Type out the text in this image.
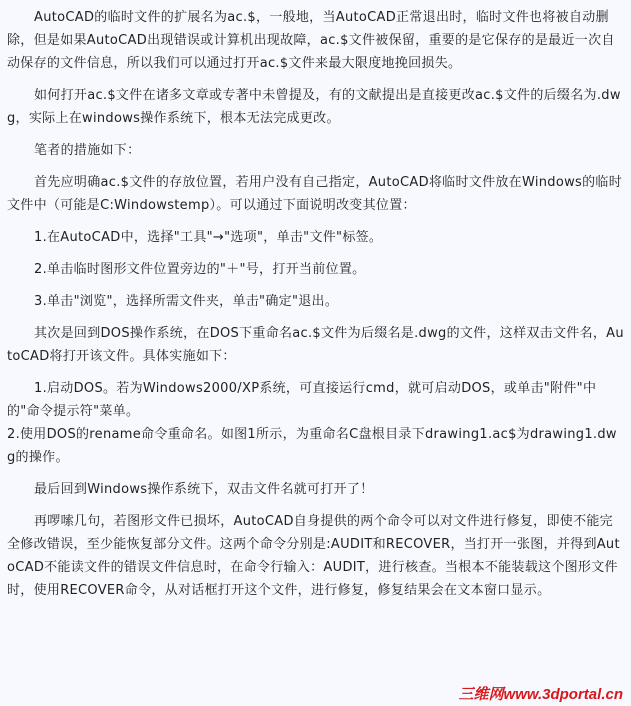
AutoCAD的临时文件的扩展名为ac.$，一般地，当AutoCAD正常退出时，临时文件也将被自动删除，但是如果AutoCAD出现错误或计算机出现故障，ac.$文件被保留，重要的是它保存的是最近一次自动保存的文件信息，所以我们可以通过打开ac.$文件来最大限度地挽回损失。

如何打开ac.$文件在诸多文章或专著中未曾提及，有的文献提出是直接更改ac.$文件的后缀名为.dwg，实际上在windows操作系统下，根本无法完成更改。

笔者的措施如下：

首先应明确ac.$文件的存放位置，若用户没有自己指定，AutoCAD将临时文件放在Windows的临时文件中（可能是C:Windowstemp）。可以通过下面说明改变其位置：

1.在AutoCAD中，选择"工具"→"选项"，单击"文件"标签。

2.单击临时图形文件位置旁边的"＋"号，打开当前位置。

3.单击"浏览"，选择所需文件夹，单击"确定"退出。

其次是回到DOS操作系统，在DOS下重命名ac.$文件为后缀名是.dwg的文件，这样双击文件名，AutoCAD将打开该文件。具体实施如下：

1.启动DOS。若为Windows2000/XP系统，可直接运行cmd，就可启动DOS，或单击"附件"中的"命令提示符"菜单。

2.使用DOS的rename命令重命名。如图1所示，为重命名C盘根目录下drawing1.ac$为drawing1.dwg的操作。

最后回到Windows操作系统下，双击文件名就可打开了！

再啰嗦几句，若图形文件已损坏，AutoCAD自身提供的两个命令可以对文件进行修复，即使不能完全修改错误，至少能恢复部分文件。这两个命令分别是:AUDIT和RECOVER，当打开一张图，并得到AutoCAD不能读文件的错误文件信息时，在命令行输入：AUDIT，进行核查。当根本不能装载这个图形文件时，使用RECOVER命令，从对话框打开这个文件，进行修复，修复结果会在文本窗口显示。

三维网www.3dportal.cn
